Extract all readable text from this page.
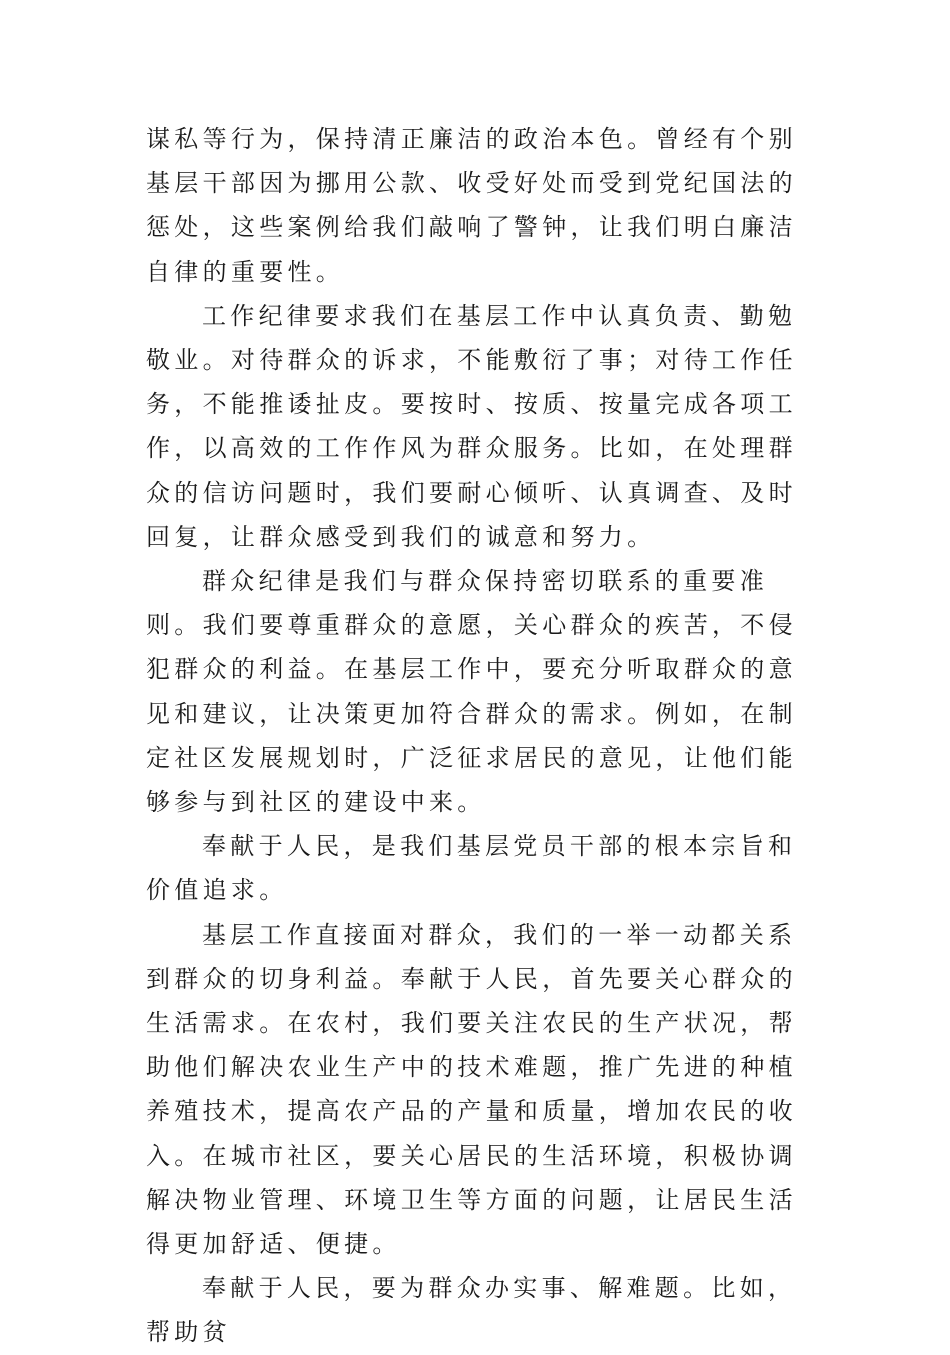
谋私等行为，保持清正廉洁的政治本色。曾经有个别基层干部因为挪用公款、收受好处而受到党纪国法的惩处，这些案例给我们敲响了警钟，让我们明白廉洁自律的重要性。

工作纪律要求我们在基层工作中认真负责、勤勉敬业。对待群众的诉求，不能敷衍了事；对待工作任务，不能推诿扯皮。要按时、按质、按量完成各项工作，以高效的工作作风为群众服务。比如，在处理群众的信访问题时，我们要耐心倾听、认真调查、及时回复，让群众感受到我们的诚意和努力。

群众纪律是我们与群众保持密切联系的重要准则。我们要尊重群众的意愿，关心群众的疾苦，不侵犯群众的利益。在基层工作中，要充分听取群众的意见和建议，让决策更加符合群众的需求。例如，在制定社区发展规划时，广泛征求居民的意见，让他们能够参与到社区的建设中来。

奉献于人民，是我们基层党员干部的根本宗旨和价值追求。

基层工作直接面对群众，我们的一举一动都关系到群众的切身利益。奉献于人民，首先要关心群众的生活需求。在农村，我们要关注农民的生产状况，帮助他们解决农业生产中的技术难题，推广先进的种植养殖技术，提高农产品的产量和质量，增加农民的收入。在城市社区，要关心居民的生活环境，积极协调解决物业管理、环境卫生等方面的问题，让居民生活得更加舒适、便捷。

奉献于人民，要为群众办实事、解难题。比如，帮助贫
